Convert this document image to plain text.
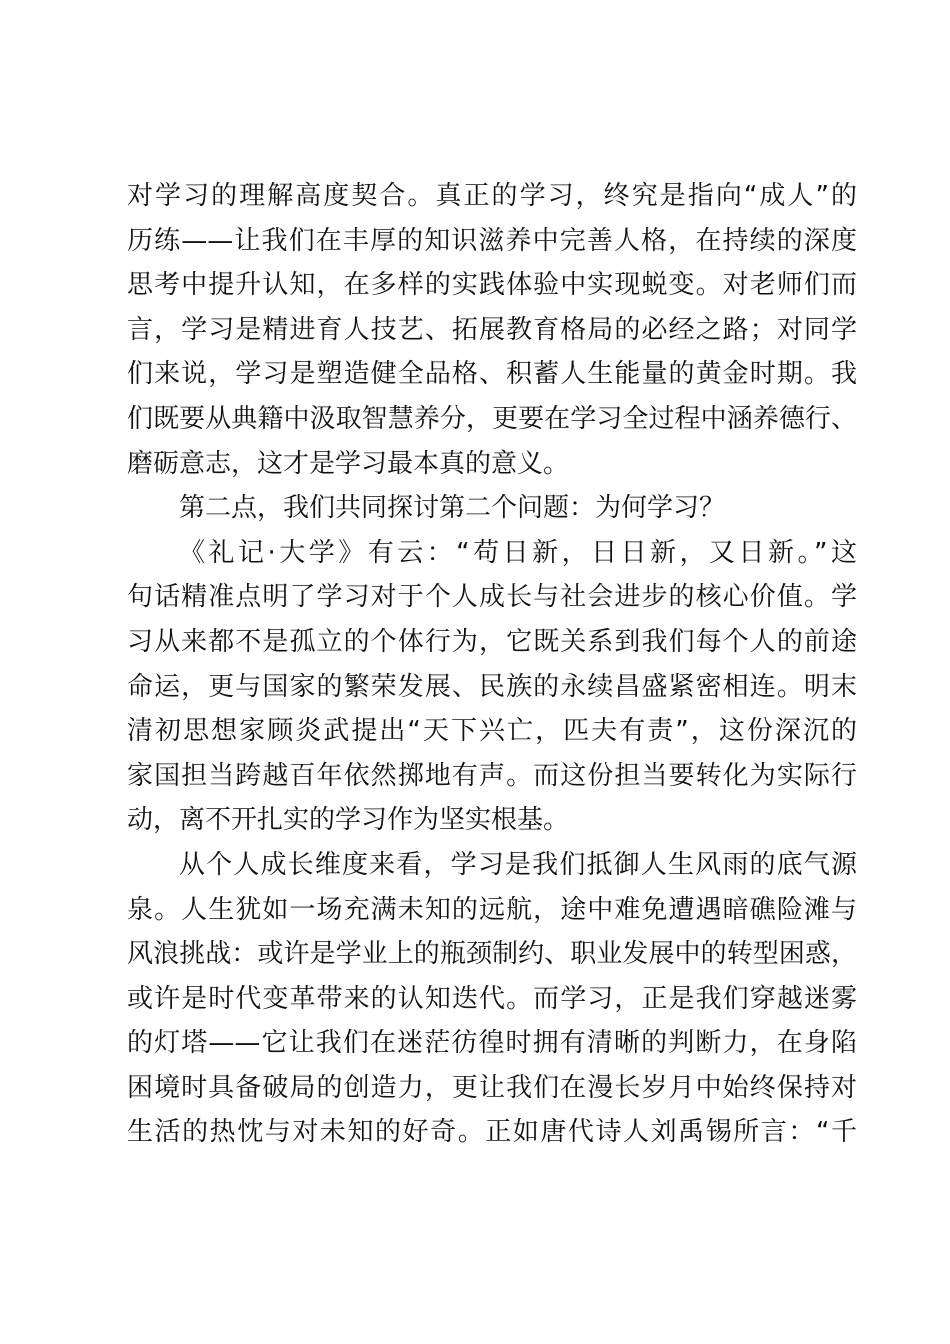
对学习的理解高度契合。真正的学习，终究是指向“成人”的
历练——让我们在丰厚的知识滋养中完善人格，在持续的深度
思考中提升认知，在多样的实践体验中实现蜕变。对老师们而
言，学习是精进育人技艺、拓展教育格局的必经之路；对同学
们来说，学习是塑造健全品格、积蓄人生能量的黄金时期。我
们既要从典籍中汲取智慧养分，更要在学习全过程中涵养德行、
磨砺意志，这才是学习最本真的意义。
第二点，我们共同探讨第二个问题：为何学习？
《礼记·大学》有云：“苟日新，日日新，又日新。”这
句话精准点明了学习对于个人成长与社会进步的核心价值。学
习从来都不是孤立的个体行为，它既关系到我们每个人的前途
命运，更与国家的繁荣发展、民族的永续昌盛紧密相连。明末
清初思想家顾炎武提出“天下兴亡，匹夫有责”，这份深沉的
家国担当跨越百年依然掷地有声。而这份担当要转化为实际行
动，离不开扎实的学习作为坚实根基。
从个人成长维度来看，学习是我们抵御人生风雨的底气源
泉。人生犹如一场充满未知的远航，途中难免遭遇暗礁险滩与
风浪挑战：或许是学业上的瓶颈制约、职业发展中的转型困惑，
或许是时代变革带来的认知迭代。而学习，正是我们穿越迷雾
的灯塔——它让我们在迷茫彷徨时拥有清晰的判断力，在身陷
困境时具备破局的创造力，更让我们在漫长岁月中始终保持对
生活的热忱与对未知的好奇。正如唐代诗人刘禹锡所言：“千
